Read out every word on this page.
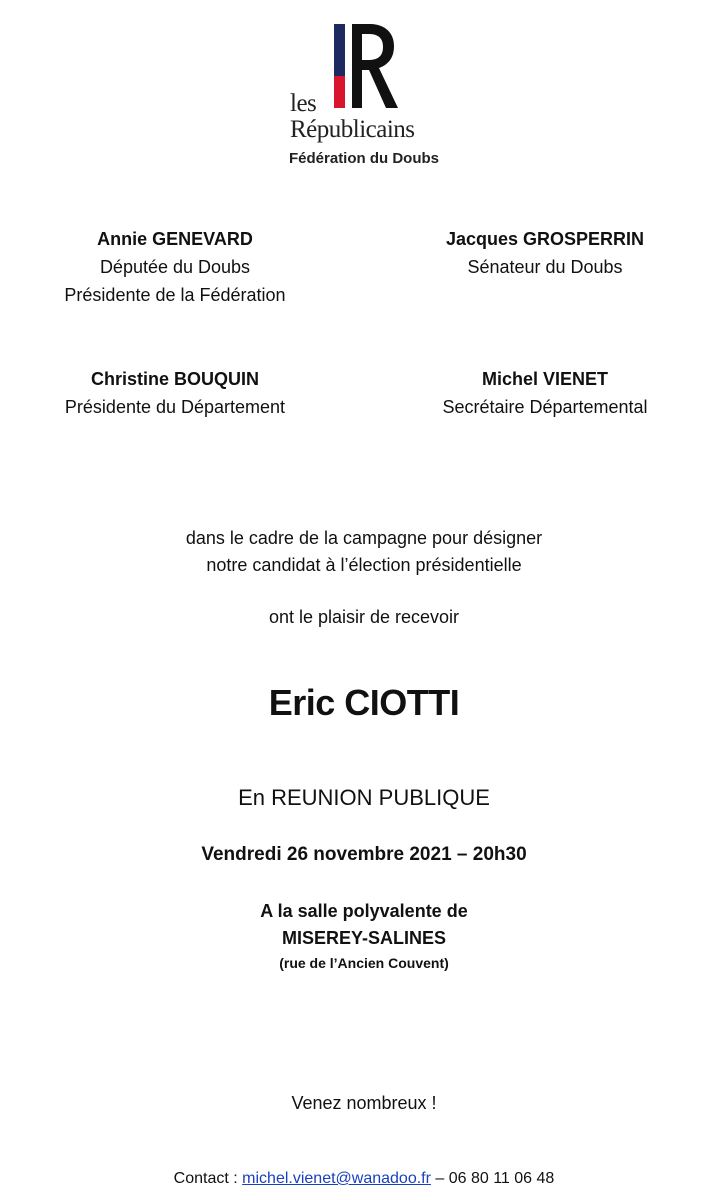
les
Républicains
Fédération du Doubs
Annie GENEVARD
Députée du Doubs
Présidente de la Fédération
Jacques GROSPERRIN
Sénateur du Doubs
Christine BOUQUIN
Présidente du Département
Michel VIENET
Secrétaire Départemental
dans le cadre de la campagne pour désigner
notre candidat à l’élection présidentielle
ont le plaisir de recevoir
Eric CIOTTI
En REUNION PUBLIQUE
Vendredi 26 novembre 2021 – 20h30
A la salle polyvalente de
MISEREY-SALINES
(rue de l’Ancien Couvent)
Venez nombreux !
Contact : michel.vienet@wanadoo.fr – 06 80 11 06 48
